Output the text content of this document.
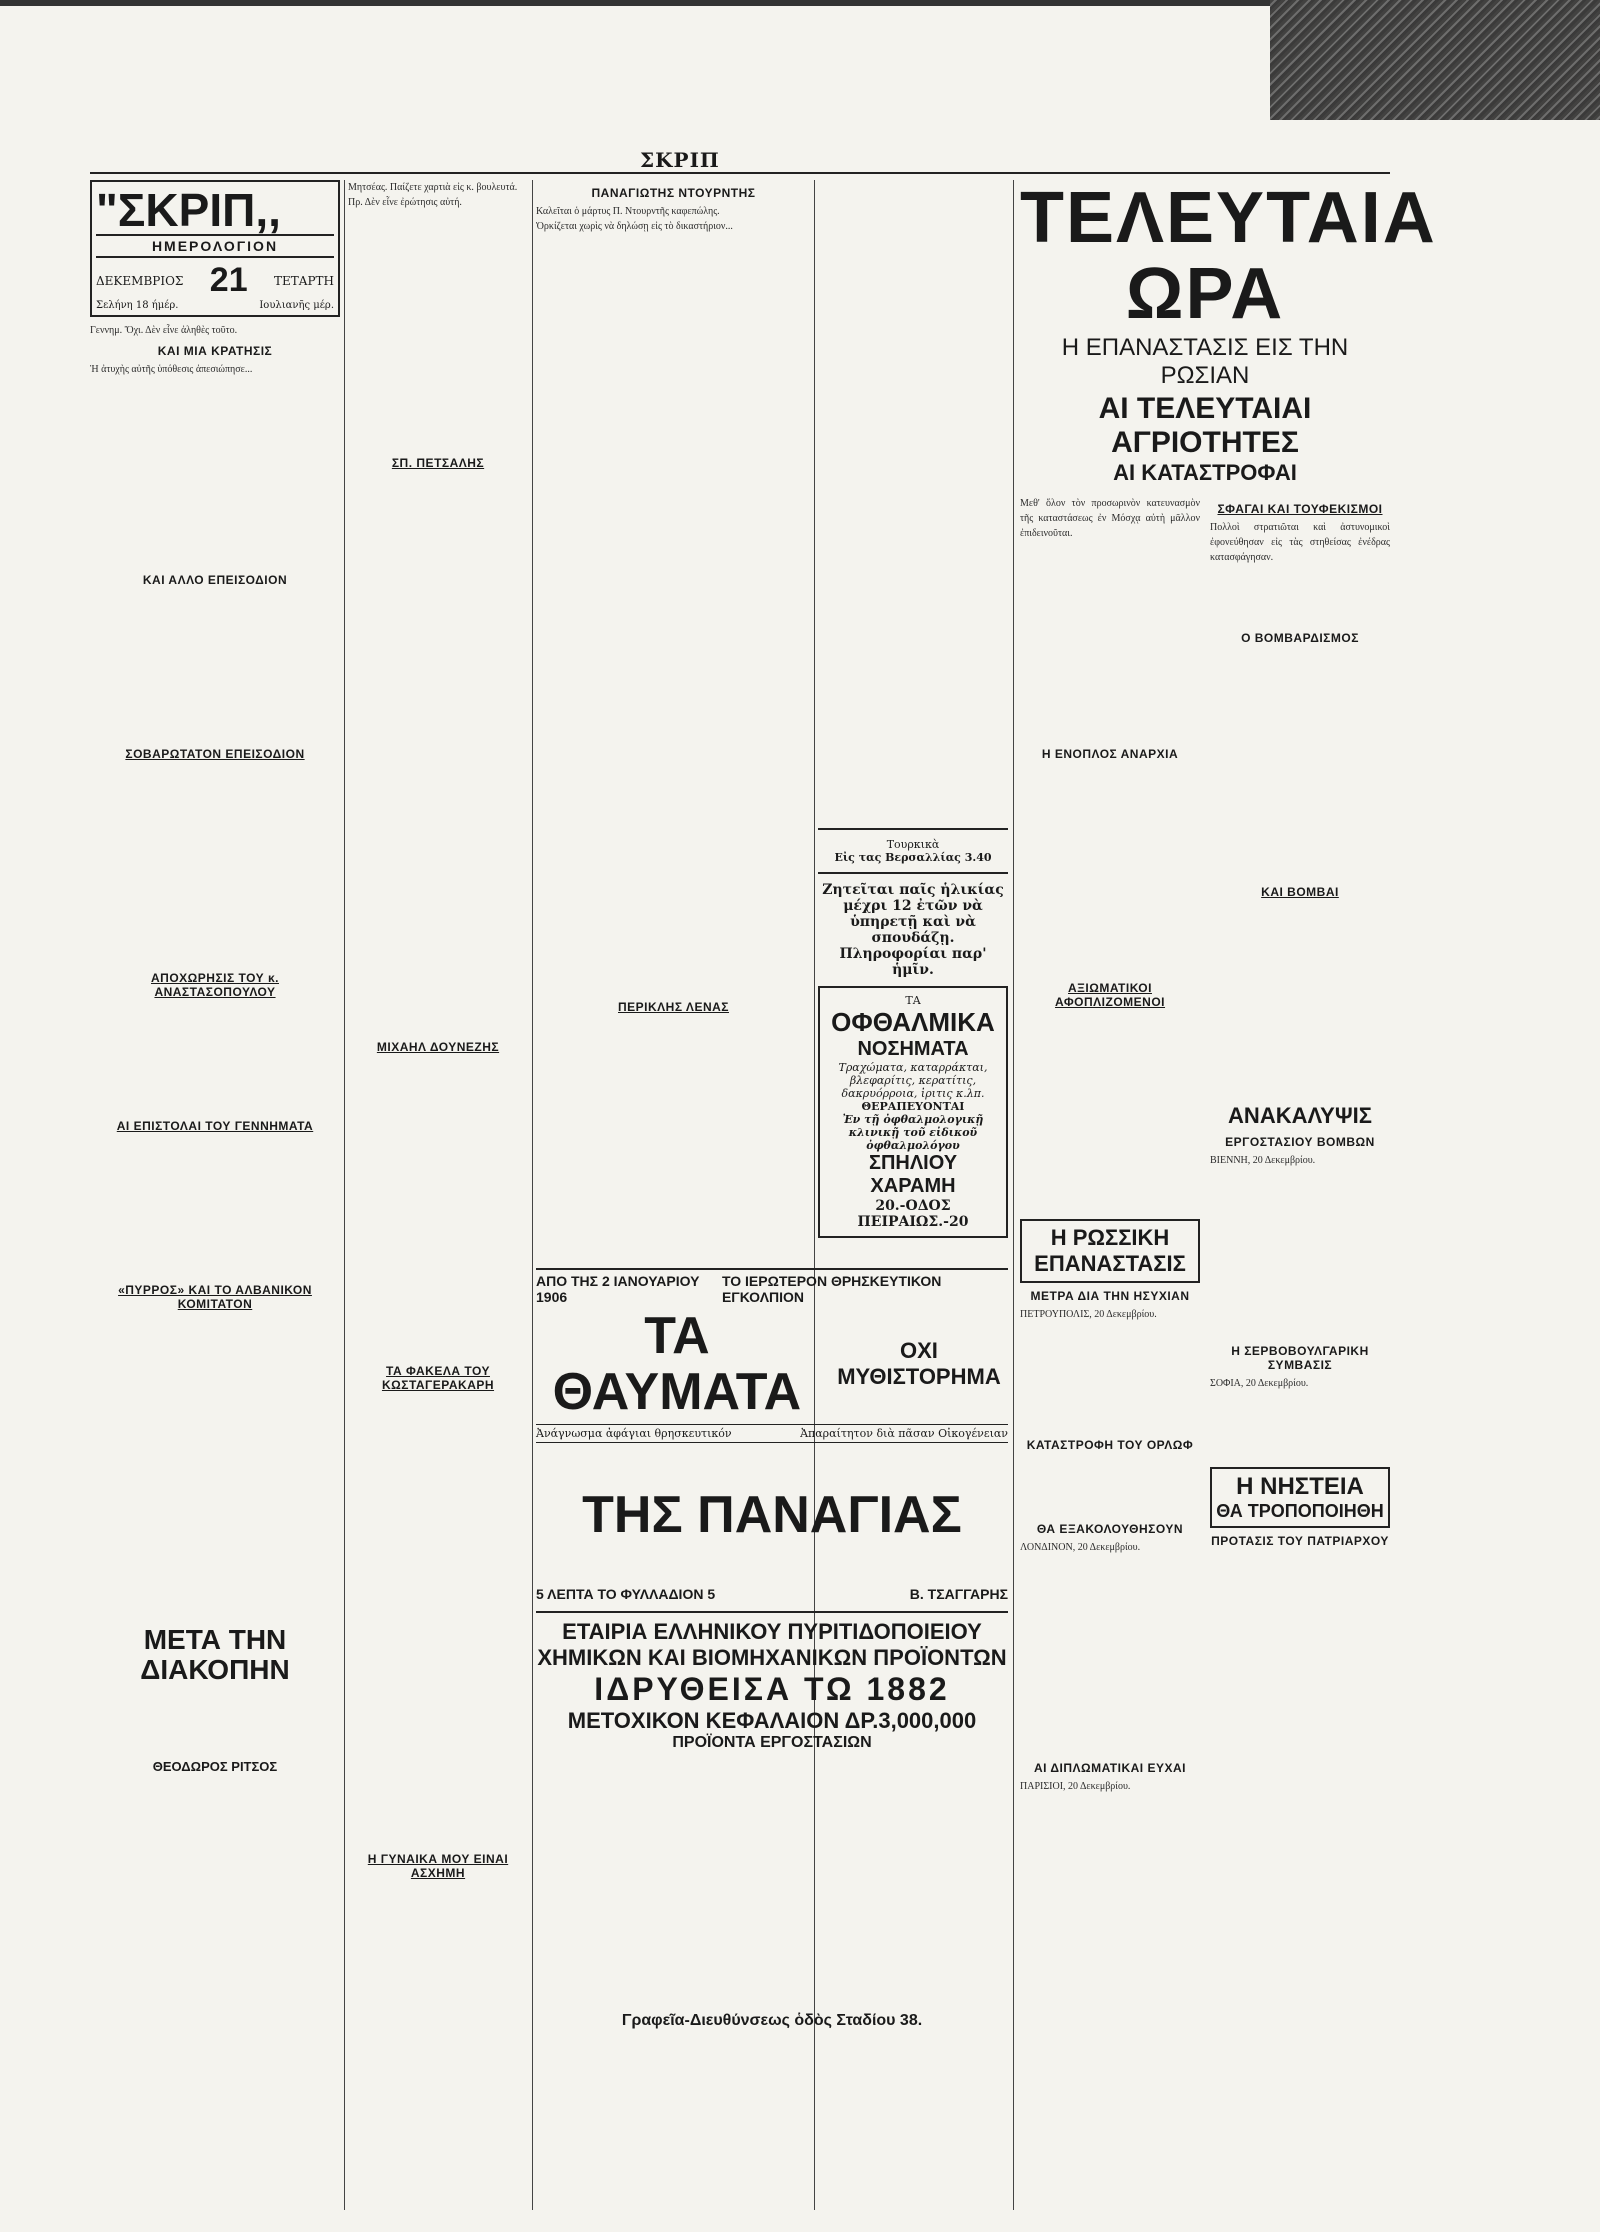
ΣΚΡΙΠ
"ΣΚΡΙΠ,,
ΗΜΕΡΟΛΟΓΙΟΝ
ΔΕΚΕΜΒΡΙΟΣ 21 ΤΕΤΑΡΤΗ
Σελήνη 18 ήμέρ.	Ιουλιανῆς μέρ.

Γεννημ. Ὄχι. Δὲν εἶνε ἀληθὲς τοῦτο.

ΚΑΙ ΜΙΑ ΚΡΑΤΗΣΙΣ

Ἡ ἀτυχὴς αὐτῆς ὑπόθεσις ἀπεσιώπησε...

ΚΑΙ ΑΛΛΟ ΕΠΕΙΣΟΔΙΟΝ
ΣΟΒΑΡΩΤΑΤΟΝ ΕΠΕΙΣΟΔΙΟΝ
ΑΠΟΧΩΡΗΣΙΣ ΤΟΥ κ. ΑΝΑΣΤΑΣΟΠΟΥΛΟΥ
ΑΙ ΕΠΙΣΤΟΛΑΙ ΤΟΥ ΓΕΝΝΗΜΑΤΑ
«ΠΥΡΡΟΣ» ΚΑΙ ΤΟ ΑΛΒΑΝΙΚΟΝ ΚΟΜΙΤΑΤΟΝ
ΜΕΤΑ ΤΗΝ ΔΙΑΚΟΠΗΝ
ΘΕΟΔΩΡΟΣ ΡΙΤΣΟΣ

Μητσέας. Παίζετε χαρτιὰ εἰς κ. βουλευτά.

Πρ. Δὲν εἶνε ἐρώτησις αὐτή.

ΣΠ. ΠΕΤΣΑΛΗΣ
ΜΙΧΑΗΛ ΔΟΥΝΕΖΗΣ
ΤΑ ΦΑΚΕΛΑ ΤΟΥ ΚΩΣΤΑΓΕΡΑΚΑΡΗ
Η ΓΥΝΑΙΚΑ ΜΟΥ ΕΙΝΑΙ ΑΣΧΗΜΗ
ΠΑΝΑΓΙΩΤΗΣ ΝΤΟΥΡΝΤΗΣ

Καλεῖται ὁ μάρτυς Π. Ντουρντῆς καφεπώλης.

Ὁρκίζεται χωρὶς νὰ δηλώσῃ εἰς τὸ δικαστήριον...

ΠΕΡΙΚΛΗΣ ΛΕΝΑΣ
Τουρκικὰ
Εἰς τας Βερσαλλίας 3.40
Ζητεῖται παῖς ἡλικίας μέχρι 12 ἐτῶν νὰ ὑπηρετῇ καὶ νὰ σπουδάζῃ. Πληροφορίαι παρ' ἡμῖν.
ΤΑ
ΟΦΘΑΛΜΙΚΑ
ΝΟΣΗΜΑΤΑ
Τραχώματα, καταρράκται, βλεφαρίτις, κερατίτις, δακρυόρροια, ἰριτις κ.λπ.
ΘΕΡΑΠΕΥΟΝΤΑΙ
Ἐν τῇ ὀφθαλμολογικῇ κλινικῇ τοῦ εἰδικοῦ ὀφθαλμολόγου
ΣΠΗΛΙΟΥ ΧΑΡΑΜΗ
20.-ΟΔΟΣ ΠΕΙΡΑΙΩΣ.-20
ΑΠΟ ΤΗΣ 2 ΙΑΝΟΥΑΡΙΟΥ 1906
ΤΟ ΙΕΡΩΤΕΡΟΝ ΘΡΗΣΚΕΥΤΙΚΟΝ ΕΓΚΟΛΠΙΟΝ
ΤΑ ΘΑΥΜΑΤΑ
ΟΧΙ ΜΥΘΙΣΤΟΡΗΜΑ
Ἀνάγνωσμα ἀφάγιαι θρησκευτικόν	Ἀπαραίτητον διὰ πᾶσαν Οἰκογένειαν
ΤΗΣ ΠΑΝΑΓΙΑΣ
5 ΛΕΠΤΑ ΤΟ ΦΥΛΛΑΔΙΟΝ 5	Β. ΤΣΑΓΓΑΡΗΣ
ΕΤΑΙΡΙΑ ΕΛΛΗΝΙΚΟΥ ΠΥΡΙΤΙΔΟΠΟΙΕΙΟΥ
ΧΗΜΙΚΩΝ ΚΑΙ ΒΙΟΜΗΧΑΝΙΚΩΝ ΠΡΟΪΟΝΤΩΝ
ΙΔΡΥΘΕΙΣΑ ΤΩ 1882
ΜΕΤΟΧΙΚΟΝ ΚΕΦΑΛΑΙΟΝ ΔΡ.3,000,000
ΠΡΟΪΟΝΤΑ ΕΡΓΟΣΤΑΣΙΩΝ
Γραφεῖα-Διευθύνσεως ὁδὸς Σταδίου 38.
ΤΕΛΕΥΤΑΙΑ ΩΡΑ
Η ΕΠΑΝΑΣΤΑΣΙΣ ΕΙΣ ΤΗΝ ΡΩΣΙΑΝ
ΑΙ ΤΕΛΕΥΤΑΙΑΙ ΑΓΡΙΟΤΗΤΕΣ
ΑΙ ΚΑΤΑΣΤΡΟΦΑΙ

Μεθ' ὅλον τὸν προσωρινὸν κατευνασμὸν τῆς καταστάσεως ἐν Μόσχᾳ αὐτὴ μᾶλλον ἐπιδεινοῦται.

Η ΕΝΟΠΛΟΣ ΑΝΑΡΧΙΑ
ΑΞΙΩΜΑΤΙΚΟΙ ΑΦΟΠΛΙΖΟΜΕΝΟΙ
Η ΡΩΣΣΙΚΗ
ΕΠΑΝΑΣΤΑΣΙΣ
ΜΕΤΡΑ ΔΙΑ ΤΗΝ ΗΣΥΧΙΑΝ

ΠΕΤΡΟΥΠΟΛΙΣ, 20 Δεκεμβρίου.

ΚΑΤΑΣΤΡΟΦΗ ΤΟΥ ΟΡΛΩΦ
ΘΑ ΕΞΑΚΟΛΟΥΘΗΣΟΥΝ

ΛΟΝΔΙΝΟΝ, 20 Δεκεμβρίου.

ΑΙ ΔΙΠΛΩΜΑΤΙΚΑΙ ΕΥΧΑΙ

ΠΑΡΙΣΙΟΙ, 20 Δεκεμβρίου.

ΣΦΑΓΑΙ ΚΑΙ ΤΟΥΦΕΚΙΣΜΟΙ

Πολλοὶ στρατιῶται καὶ ἀστυνομικοὶ ἐφονεύθησαν εἰς τὰς στηθείσας ἐνέδρας κατασφάγησαν.

Ο ΒΟΜΒΑΡΔΙΣΜΟΣ
ΚΑΙ ΒΟΜΒΑΙ
ΑΝΑΚΑΛΥΨΙΣ
ΕΡΓΟΣΤΑΣΙΟΥ ΒΟΜΒΩΝ

ΒΙΕΝΝΗ, 20 Δεκεμβρίου.

Η ΣΕΡΒΟΒΟΥΛΓΑΡΙΚΗ ΣΥΜΒΑΣΙΣ

ΣΟΦΙΑ, 20 Δεκεμβρίου.

Η ΝΗΣΤΕΙΑ
ΘΑ ΤΡΟΠΟΠΟΙΗΘΗ
ΠΡΟΤΑΣΙΣ ΤΟΥ ΠΑΤΡΙΑΡΧΟΥ
